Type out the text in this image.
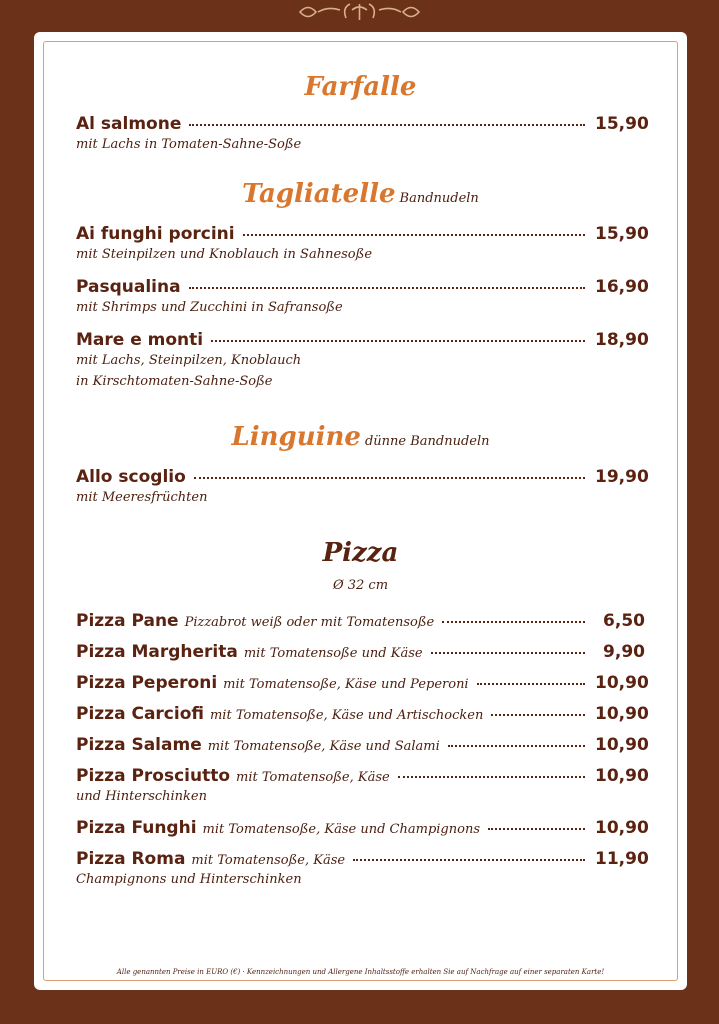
Farfalle
Al salmone	15,90
mit Lachs in Tomaten-Sahne-Soße
Tagliatelle Bandnudeln
Ai funghi porcini	15,90
mit Steinpilzen und Knoblauch in Sahnesoße
Pasqualina	16,90
mit Shrimps und Zucchini in Safransoße
Mare e monti	18,90
mit Lachs, Steinpilzen, Knoblauch
in Kirschtomaten-Sahne-Soße
Linguine dünne Bandnudeln
Allo scoglio	19,90
mit Meeresfrüchten
Pizza
Ø 32 cm
Pizza Pane Pizzabrot weiß oder mit Tomatensoße	6,50
Pizza Margherita mit Tomatensoße und Käse	9,90
Pizza Peperoni mit Tomatensoße, Käse und Peperoni	10,90
Pizza Carciofi mit Tomatensoße, Käse und Artischocken	10,90
Pizza Salame mit Tomatensoße, Käse und Salami	10,90
Pizza Prosciutto mit Tomatensoße, Käse	10,90
und Hinterschinken
Pizza Funghi mit Tomatensoße, Käse und Champignons	10,90
Pizza Roma mit Tomatensoße, Käse	11,90
Champignons und Hinterschinken
Alle genannten Preise in EURO (€) · Kennzeichnungen und Allergene Inhaltsstoffe erhalten Sie auf Nachfrage auf einer separaten Karte!
